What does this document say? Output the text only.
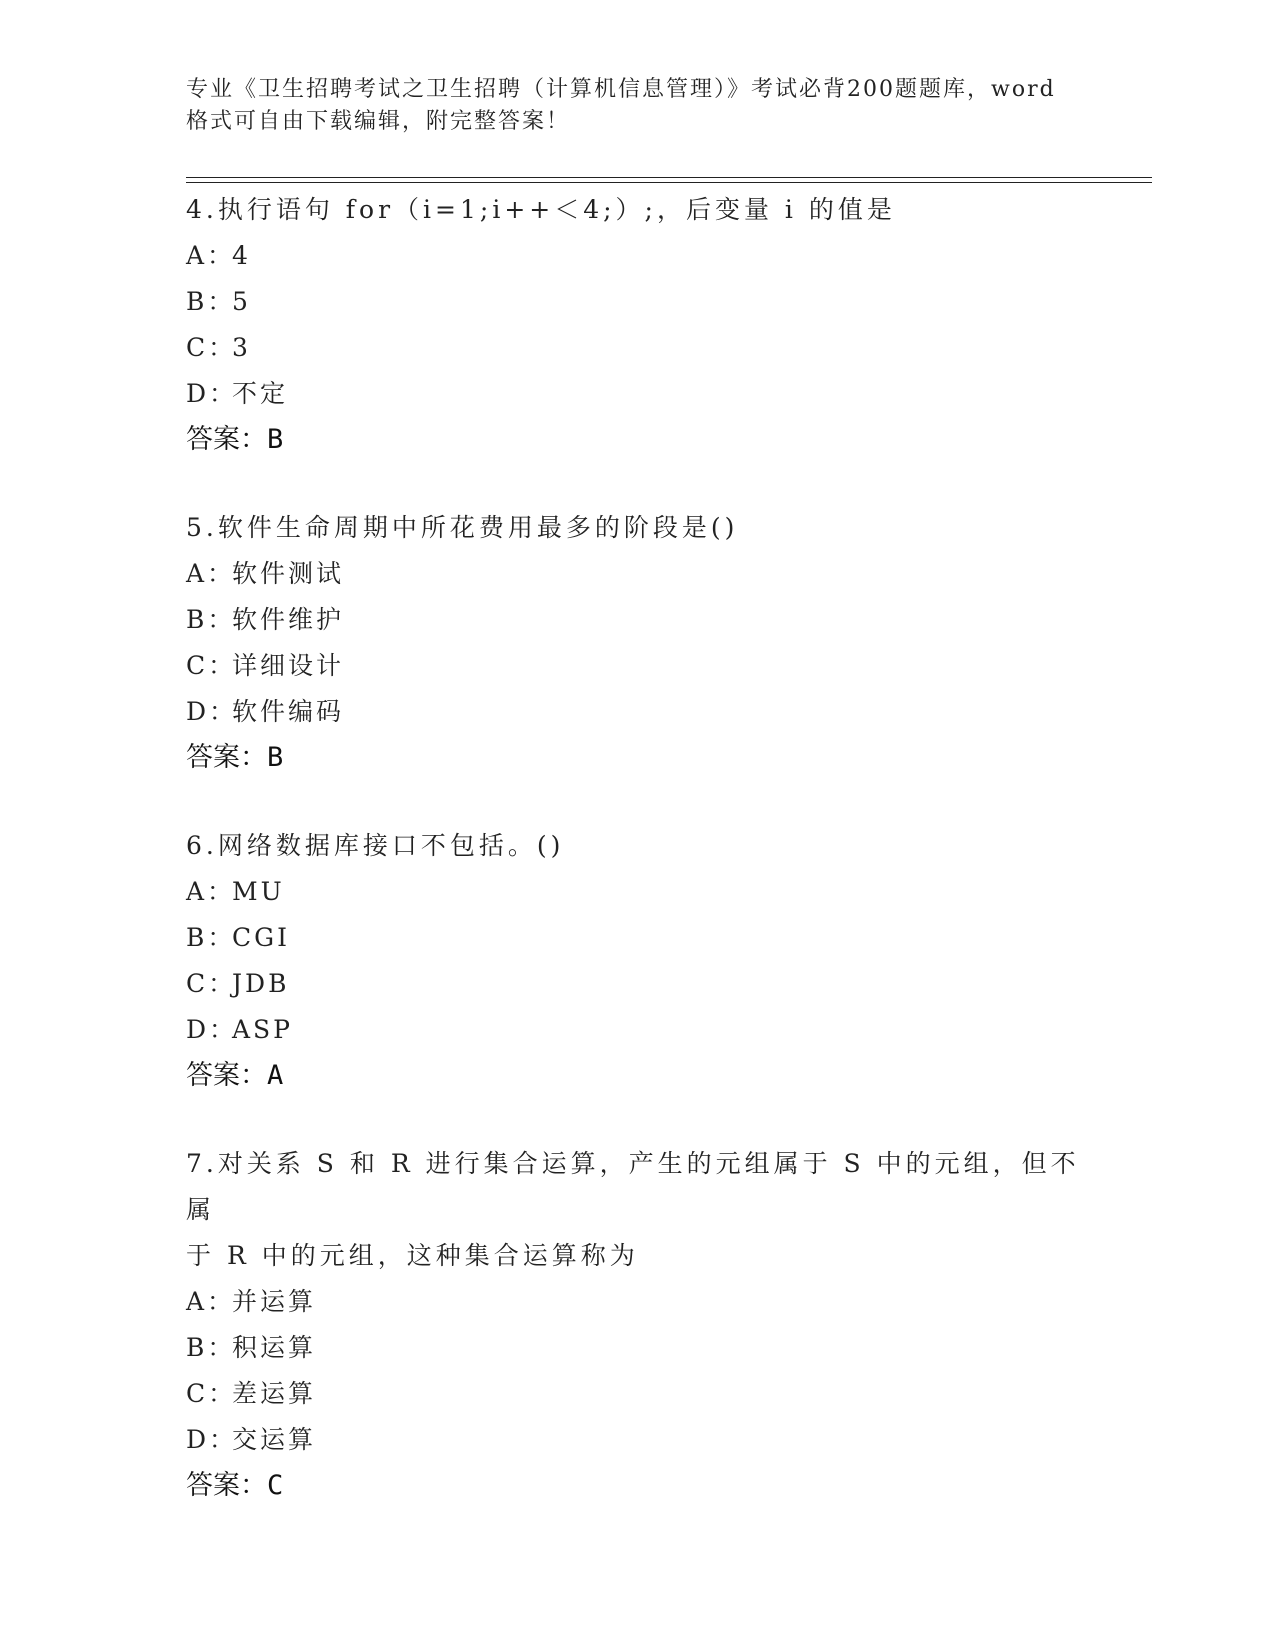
专业《卫生招聘考试之卫生招聘（计算机信息管理）》考试必背200题题库，word
格式可自由下载编辑，附完整答案！
4.执行语句 for（i=1;i++＜4;）;，后变量 i 的值是
A：4
B：5
C：3
D：不定
答案：B
5.软件生命周期中所花费用最多的阶段是()
A：软件测试
B：软件维护
C：详细设计
D：软件编码
答案：B
6.网络数据库接口不包括。()
A：MU
B：CGI
C：JDB
D：ASP
答案：A
7.对关系 S 和 R 进行集合运算，产生的元组属于 S 中的元组，但不属
于 R 中的元组，这种集合运算称为
A：并运算
B：积运算
C：差运算
D：交运算
答案：C
